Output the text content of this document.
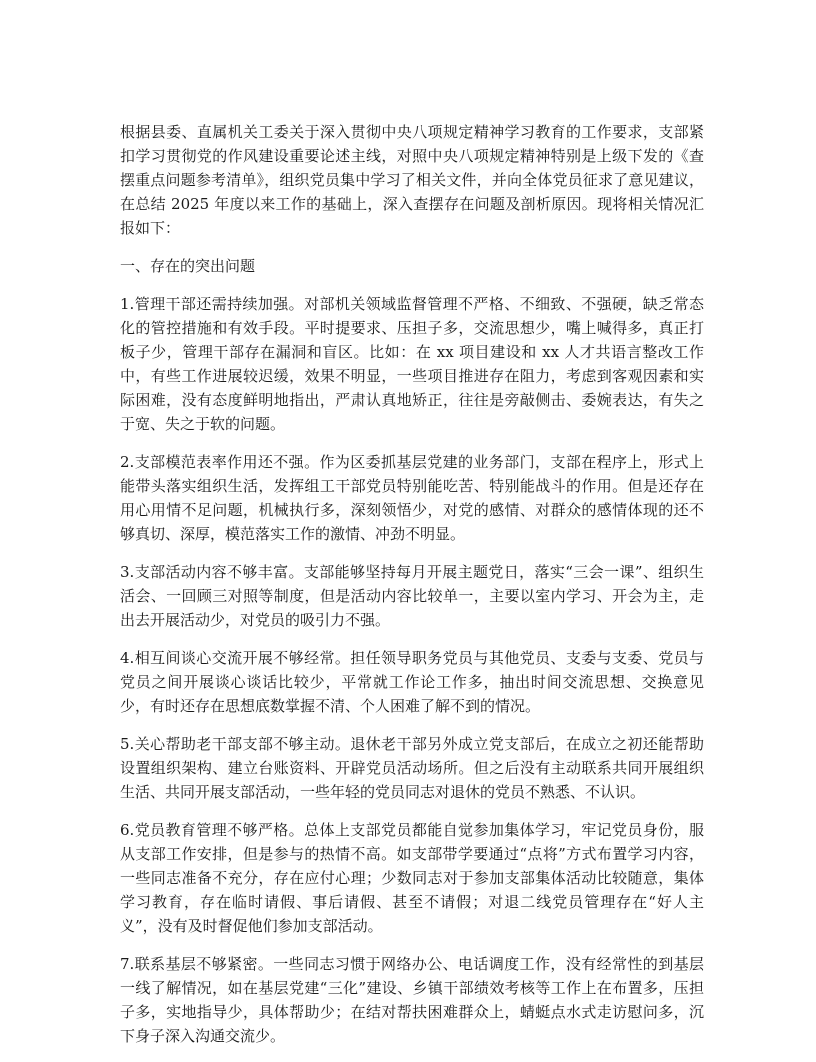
根据县委、直属机关工委关于深入贯彻中央八项规定精神学习教育的工作要求，支部紧扣学习贯彻党的作风建设重要论述主线，对照中央八项规定精神特别是上级下发的《查摆重点问题参考清单》，组织党员集中学习了相关文件，并向全体党员征求了意见建议，在总结 2025 年度以来工作的基础上，深入查摆存在问题及剖析原因。现将相关情况汇报如下：

一、存在的突出问题

1.管理干部还需持续加强。对部机关领域监督管理不严格、不细致、不强硬，缺乏常态化的管控措施和有效手段。平时提要求、压担子多，交流思想少，嘴上喊得多，真正打板子少，管理干部存在漏洞和盲区。比如：在 xx 项目建设和 xx 人才共语言整改工作中，有些工作进展较迟缓，效果不明显，一些项目推进存在阻力，考虑到客观因素和实际困难，没有态度鲜明地指出，严肃认真地矫正，往往是旁敲侧击、委婉表达，有失之于宽、失之于软的问题。

2.支部模范表率作用还不强。作为区委抓基层党建的业务部门，支部在程序上，形式上能带头落实组织生活，发挥组工干部党员特别能吃苦、特别能战斗的作用。但是还存在用心用情不足问题，机械执行多，深刻领悟少，对党的感情、对群众的感情体现的还不够真切、深厚，模范落实工作的激情、冲劲不明显。

3.支部活动内容不够丰富。支部能够坚持每月开展主题党日，落实“三会一课”、组织生活会、一回顾三对照等制度，但是活动内容比较单一，主要以室内学习、开会为主，走出去开展活动少，对党员的吸引力不强。

4.相互间谈心交流开展不够经常。担任领导职务党员与其他党员、支委与支委、党员与党员之间开展谈心谈话比较少，平常就工作论工作多，抽出时间交流思想、交换意见少，有时还存在思想底数掌握不清、个人困难了解不到的情况。

5.关心帮助老干部支部不够主动。退休老干部另外成立党支部后，在成立之初还能帮助设置组织架构、建立台账资料、开辟党员活动场所。但之后没有主动联系共同开展组织生活、共同开展支部活动，一些年轻的党员同志对退休的党员不熟悉、不认识。

6.党员教育管理不够严格。总体上支部党员都能自觉参加集体学习，牢记党员身份，服从支部工作安排，但是参与的热情不高。如支部带学要通过“点将”方式布置学习内容，一些同志准备不充分，存在应付心理；少数同志对于参加支部集体活动比较随意，集体学习教育，存在临时请假、事后请假、甚至不请假；对退二线党员管理存在“好人主义”，没有及时督促他们参加支部活动。

7.联系基层不够紧密。一些同志习惯于网络办公、电话调度工作，没有经常性的到基层一线了解情况，如在基层党建“三化”建设、乡镇干部绩效考核等工作上在布置多，压担子多，实地指导少，具体帮助少；在结对帮扶困难群众上，蜻蜓点水式走访慰问多，沉下身子深入沟通交流少。
